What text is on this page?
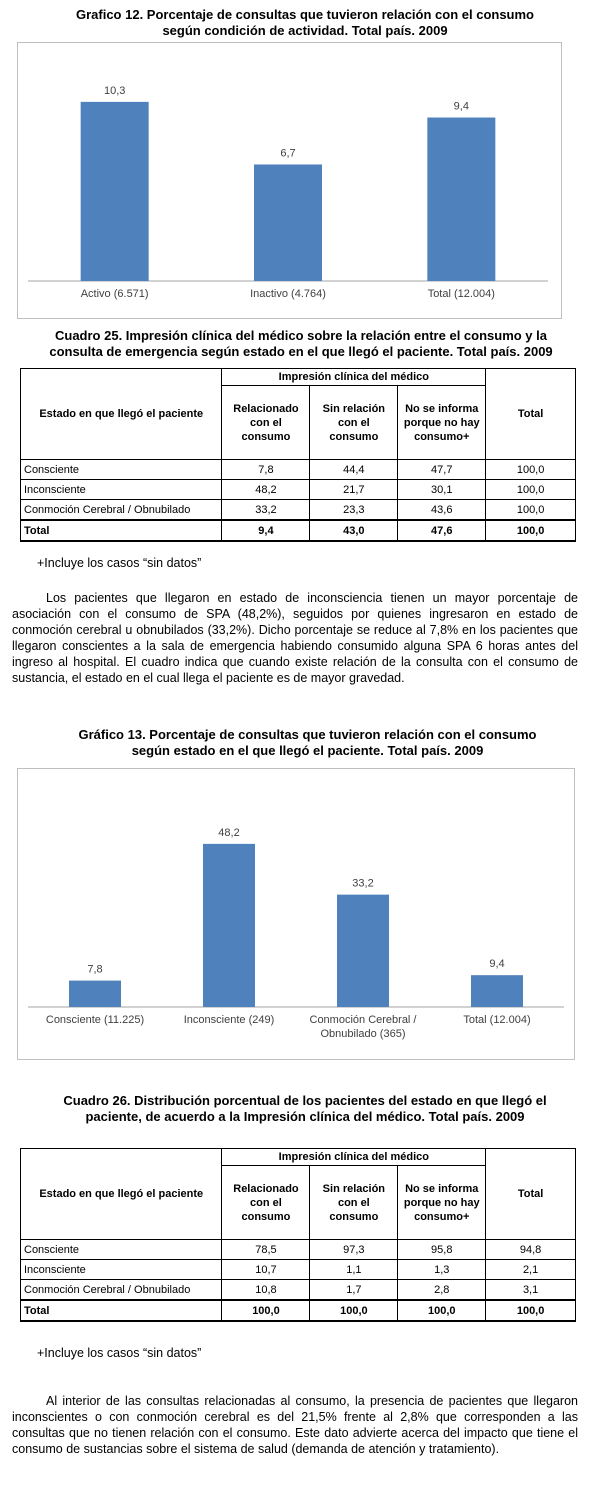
Grafico 12. Porcentaje de consultas que tuvieron relación con el consumo
según condición de actividad. Total país. 2009
10,3
Activo (6.571)
6,7
Inactivo (4.764)
9,4
Total (12.004)
Cuadro 25. Impresión clínica del médico sobre la relación entre el consumo y la
consulta de emergencia según estado en el que llegó el paciente. Total país. 2009
Estado en que llegó el paciente	Impresión clínica del médico			Total
	Relacionado con el consumo	Sin relación con el consumo	No se informa porque no hay consumo+	
Consciente	7,8	44,4	47,7	100,0
Inconsciente	48,2	21,7	30,1	100,0
Conmoción Cerebral / Obnubilado	33,2	23,3	43,6	100,0
Total	9,4	43,0	47,6	100,0
+Incluye los casos “sin datos”
Los pacientes que llegaron en estado de inconsciencia tienen un mayor porcentaje de asociación con el consumo de SPA (48,2%), seguidos por quienes ingresaron en estado de conmoción cerebral u obnubilados (33,2%). Dicho porcentaje se reduce al 7,8% en los pacientes que llegaron conscientes a la sala de emergencia habiendo consumido alguna SPA 6 horas antes del ingreso al hospital. El cuadro indica que cuando existe relación de la consulta con el consumo de sustancia, el estado en el cual llega el paciente es de mayor gravedad.
Gráfico 13. Porcentaje de consultas que tuvieron relación con el consumo
según estado en el que llegó el paciente. Total país. 2009
7,8
Consciente (11.225)
48,2
Inconsciente (249)
33,2
Conmoción Cerebral /
Obnubilado (365)
9,4
Total (12.004)
Cuadro 26. Distribución porcentual de los pacientes del estado en que llegó el
paciente, de acuerdo a la Impresión clínica del médico. Total país. 2009
Estado en que llegó el paciente	Impresión clínica del médico			Total
	Relacionado con el consumo	Sin relación con el consumo	No se informa porque no hay consumo+	
Consciente	78,5	97,3	95,8	94,8
Inconsciente	10,7	1,1	1,3	2,1
Conmoción Cerebral / Obnubilado	10,8	1,7	2,8	3,1
Total	100,0	100,0	100,0	100,0
+Incluye los casos “sin datos”
Al interior de las consultas relacionadas al consumo, la presencia de pacientes que llegaron inconscientes o con conmoción cerebral es del 21,5% frente al 2,8% que corresponden a las consultas que no tienen relación con el consumo. Este dato advierte acerca del impacto que tiene el consumo de sustancias sobre el sistema de salud (demanda de atención y tratamiento).
